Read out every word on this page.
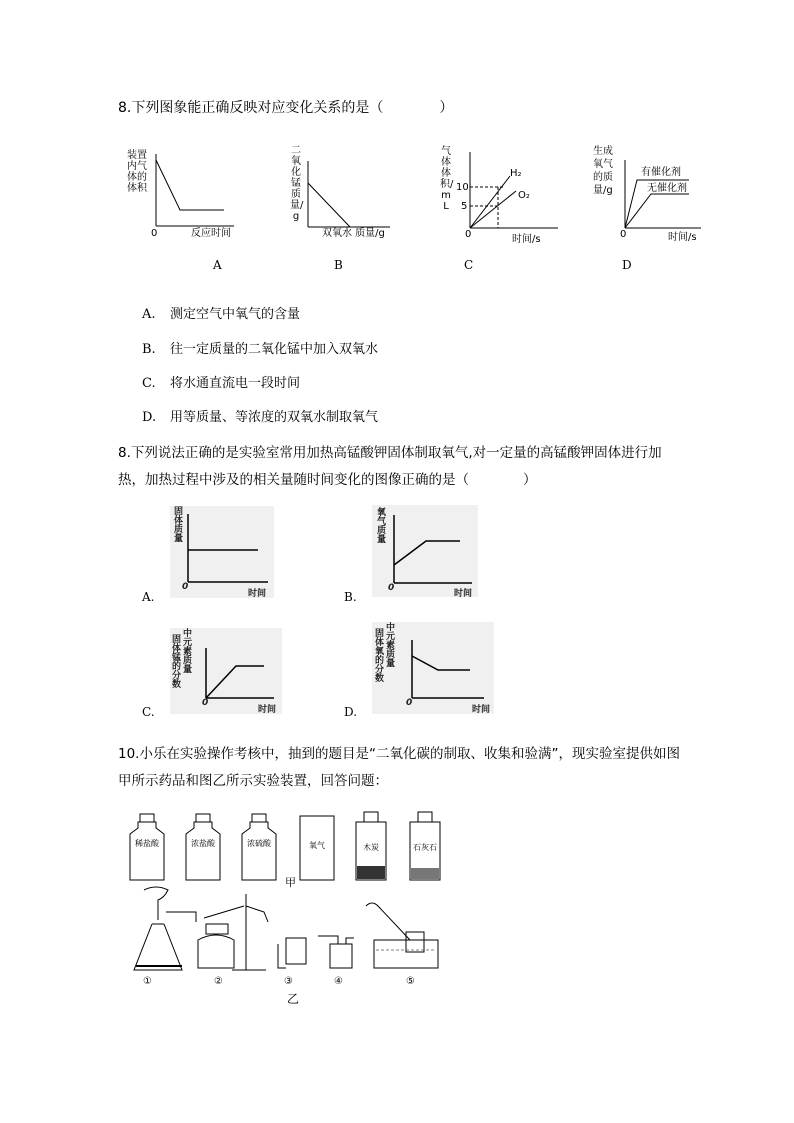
8.下列图象能正确反映对应变化关系的是（　　　　）
装置内气体的体积
0	反应时间
A
二氧化锰质量/g
双氧水 质量/g
B
气体体积/mL
10
5
0
H₂
O₂
时间/s
C
生成
氧气
的质
量/g
有催化剂
无催化剂
0	时间/s
D
A. 测定空气中氧气的含量
B. 往一定质量的二氧化锰中加入双氧水
C. 将水通直流电一段时间
D. 用等质量、等浓度的双氧水制取氧气
8.下列说法正确的是实验室常用加热高锰酸钾固体制取氧气,对一定量的高锰酸钾固体进行加热，加热过程中涉及的相关量随时间变化的图像正确的是（　　　　）
固体质量
0
时间
A.
氧气质量
0
时间
B.
固体锰的分数
中元素质量
0
时间
C.
固体氧的分数
中元素质量
0
时间
D.
10.小乐在实验操作考核中，抽到的题目是“二氧化碳的制取、收集和验满”，现实验室提供如图甲所示药品和图乙所示实验装置，回答问题：
稀盐酸	浓盐酸	浓硫酸	氧气	木炭	石灰石
甲
①	②	③	④	⑤
乙
